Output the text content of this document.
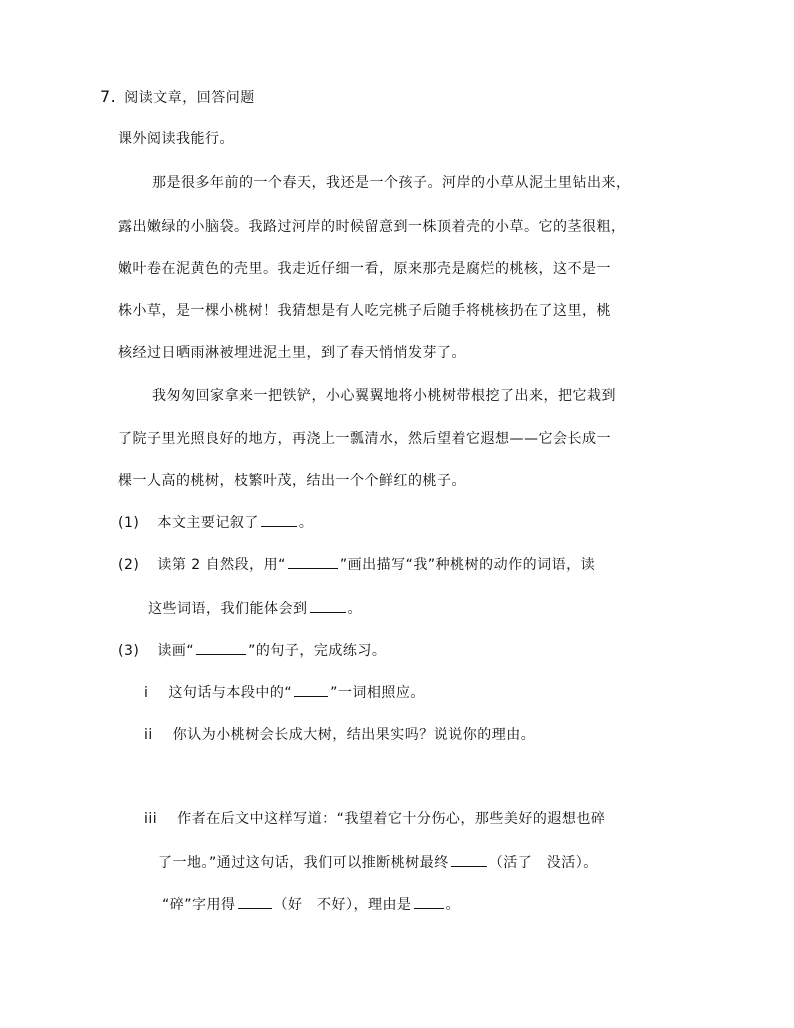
7. 阅读文章，回答问题
课外阅读我能行。
那是很多年前的一个春天，我还是一个孩子。河岸的小草从泥土里钻出来，
露出嫩绿的小脑袋。我路过河岸的时候留意到一株顶着壳的小草。它的茎很粗，
嫩叶卷在泥黄色的壳里。我走近仔细一看，原来那壳是腐烂的桃核，这不是一
株小草，是一棵小桃树！我猜想是有人吃完桃子后随手将桃核扔在了这里，桃
核经过日晒雨淋被埋进泥土里，到了春天悄悄发芽了。
我匆匆回家拿来一把铁铲，小心翼翼地将小桃树带根挖了出来，把它栽到
了院子里光照良好的地方，再浇上一瓢清水，然后望着它遐想——它会长成一
棵一人高的桃树，枝繁叶茂，结出一个个鲜红的桃子。
(1) 本文主要记叙了	。
(2) 读第 2 自然段，用“	”画出描写“我”种桃树的动作的词语，读
这些词语，我们能体会到	。
(3) 读画“	”的句子，完成练习。
i 这句话与本段中的“	”一词相照应。
ii 你认为小桃树会长成大树，结出果实吗？说说你的理由。
iii 作者在后文中这样写道：“我望着它十分伤心，那些美好的遐想也碎
了一地。”通过这句话，我们可以推断桃树最终	（活了　没活）。
“碎”字用得	（好　不好），理由是 。
